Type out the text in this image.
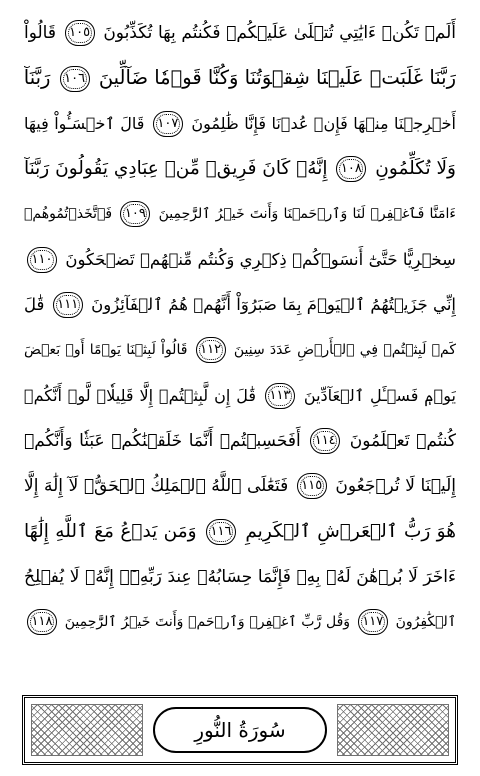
أَلَمۡ تَكُنۡ ءَايَٰتِي تُتۡلَىٰ عَلَيۡكُمۡ فَكُنتُم بِهَا تُكَذِّبُونَ ١٠٥ قَالُواْ
رَبَّنَا غَلَبَتۡ عَلَيۡنَا شِقۡوَتُنَا وَكُنَّا قَوۡمٗا ضَآلِّينَ ١٠٦ رَبَّنَآ
أَخۡرِجۡنَا مِنۡهَا فَإِنۡ عُدۡنَا فَإِنَّا ظَٰلِمُونَ ١٠٧ قَالَ ٱخۡسَـُٔواْ فِيهَا
وَلَا تُكَلِّمُونِ ١٠٨ إِنَّهُۥ كَانَ فَرِيقٞ مِّنۡ عِبَادِي يَقُولُونَ رَبَّنَآ
ءَامَنَّا فَٱغۡفِرۡ لَنَا وَٱرۡحَمۡنَا وَأَنتَ خَيۡرُ ٱلرَّٰحِمِينَ ١٠٩ فَٱتَّخَذۡتُمُوهُمۡ
سِخۡرِيًّا حَتَّىٰٓ أَنسَوۡكُمۡ ذِكۡرِي وَكُنتُم مِّنۡهُمۡ تَضۡحَكُونَ ١١٠
إِنِّي جَزَيۡتُهُمُ ٱلۡيَوۡمَ بِمَا صَبَرُوٓاْ أَنَّهُمۡ هُمُ ٱلۡفَآئِزُونَ ١١١ قَٰلَ
كَمۡ لَبِثۡتُمۡ فِي ٱلۡأَرۡضِ عَدَدَ سِنِينَ ١١٢ قَالُواْ لَبِثۡنَا يَوۡمًا أَوۡ بَعۡضَ
يَوۡمٖ فَسۡـَٔلِ ٱلۡعَآدِّينَ ١١٣ قَٰلَ إِن لَّبِثۡتُمۡ إِلَّا قَلِيلٗاۖ لَّوۡ أَنَّكُمۡ
كُنتُمۡ تَعۡلَمُونَ ١١٤ أَفَحَسِبۡتُمۡ أَنَّمَا خَلَقۡنَٰكُمۡ عَبَثٗا وَأَنَّكُمۡ
إِلَيۡنَا لَا تُرۡجَعُونَ ١١٥ فَتَعَٰلَى ٱللَّهُ ٱلۡمَلِكُ ٱلۡحَقُّۖ لَآ إِلَٰهَ إِلَّا
هُوَ رَبُّ ٱلۡعَرۡشِ ٱلۡكَرِيمِ ١١٦ وَمَن يَدۡعُ مَعَ ٱللَّهِ إِلَٰهًا
ءَاخَرَ لَا بُرۡهَٰنَ لَهُۥ بِهِۦ فَإِنَّمَا حِسَابُهُۥ عِندَ رَبِّهِۦٓۚ إِنَّهُۥ لَا يُفۡلِحُ
ٱلۡكَٰفِرُونَ ١١٧ وَقُل رَّبِّ ٱغۡفِرۡ وَٱرۡحَمۡ وَأَنتَ خَيۡرُ ٱلرَّٰحِمِينَ ١١٨
سُورَةُ النُّورِ
